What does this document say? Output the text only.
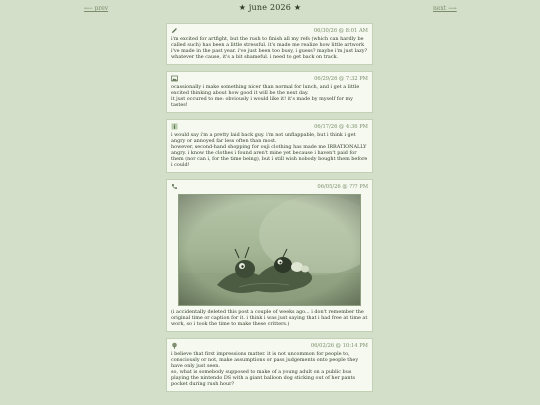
⟵ prev	★ june 2026 ★	next ⟶
06/30/26 @ 8:01 AM

i'm excited for artfight, but the rush to finish all my refs (which can hardly be called such) has been a little stressful. it's made me realize how little artwork i've made in the past year. i've just been too busy, i guess? maybe i'm just lazy? whatever the cause, it's a bit shameful. i need to get back on track.

06/29/26 @ 7:32 PM

ocassionally i make something nicer than normal for lunch, and i get a little excited thinking about how good it will be the next day.

it just occured to me: obviously i would like it! it's made by myself for my tastes!

06/17/26 @ 4:36 PM

i would say i'm a pretty laid back guy. i'm not unflappable, but i think i get angry or annoyed far less often than most.

however, second-hand shopping for ouji clothing has made me IRRATIONALLY angry. i know the clothes i found aren't mine yet because i haven't paid for them (nor can i, for the time being), but i still wish nobody bought them before i could!

06/05/26 @ ??? PM

(i accidentally deleted this post a couple of weeks ago... i don't remember the original time or caption for it. i think i was just saying that i had free at time at work, so i took the time to make these critters.)

06/02/26 @ 10:14 PM

i believe that first impressions matter. it is not uncommon for people to, consciously or not, make assumptions or pass judgements onto people they have only just seen.

so, what is somebody supposed to make of a young adult on a public bus playing the nintendo DS with a giant balloon dog sticking out of her pants pocket during rush hour?
